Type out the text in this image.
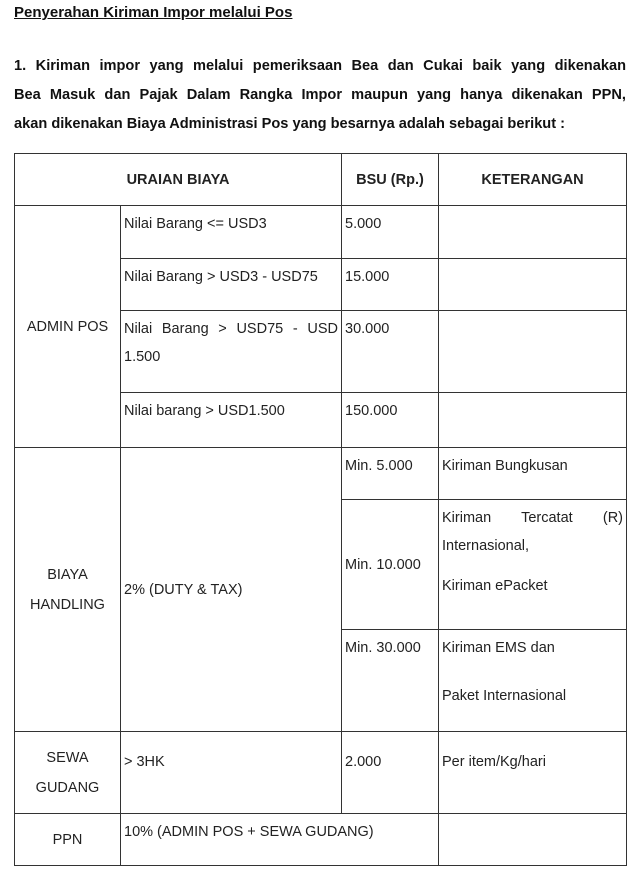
Penyerahan Kiriman Impor melalui Pos
1. Kiriman impor yang melalui pemeriksaan Bea dan Cukai baik yang dikenakan
Bea Masuk dan Pajak Dalam Rangka Impor maupun yang hanya dikenakan PPN,
akan dikenakan Biaya Administrasi Pos yang besarnya adalah sebagai berikut :
URAIAN BIAYA		BSU (Rp.)	KETERANGAN
ADMIN POS	Nilai Barang <= USD3	5.000	
	Nilai Barang > USD3 - USD75	15.000	

	Nilai Barang > USD75 - USD
1.500	30.000	
	Nilai barang > USD1.500	150.000	

BIAYA
HANDLING	2% (DUTY & TAX)	Min. 5.000	Kiriman Bungkusan
		Min. 10.000	Kiriman Tercatat (R)
Internasional,
Kiriman ePacket

		Min. 30.000	Kiriman EMS dan
Paket Internasional

SEWA
GUDANG	> 3HK	2.000	Per item/Kg/hari
PPN	10% (ADMIN POS + SEWA GUDANG)		
